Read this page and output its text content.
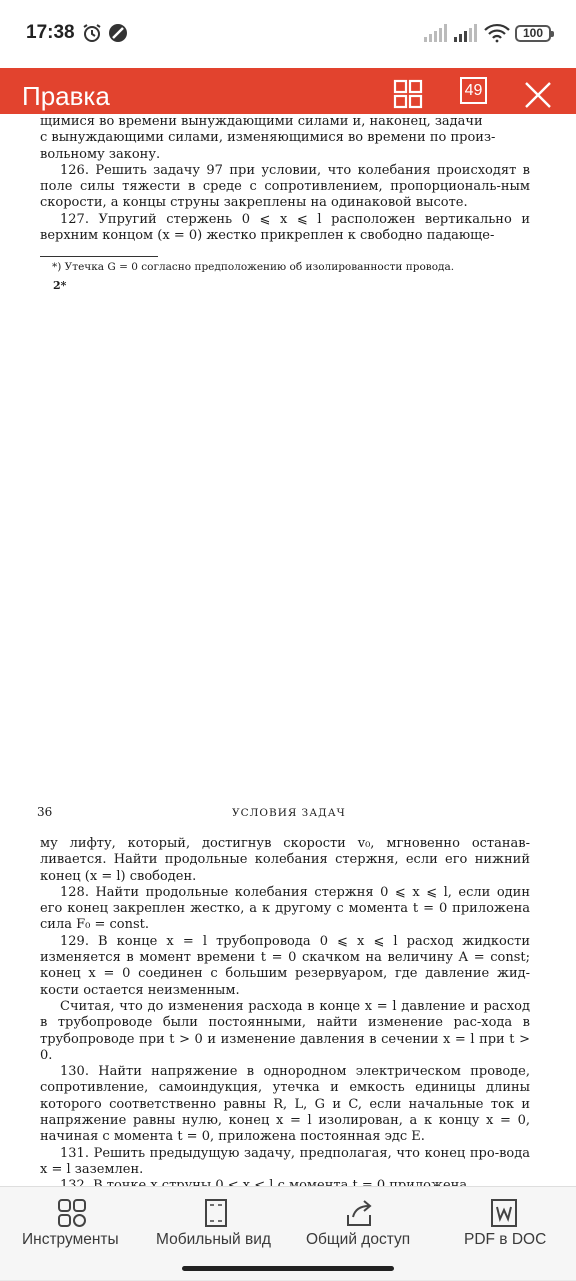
17:38	100
Правка	49

щимися во времени вынуждающими силами и, наконец, задачи

с вынуждающими силами, изменяющимися во времени по произ-

вольному закону.

126. Решить задачу 97 при условии, что колебания происходят в поле силы тяжести в среде с сопротивлением, пропорциональ-ным скорости, а концы струны закреплены на одинаковой высоте.

127. Упругий стержень 0 ⩽ x ⩽ l расположен вертикально и верхним концом (x = 0) жестко прикреплен к свободно падающе-

*) Утечка G = 0 согласно предположению об изолированности провода.
2*
36	УСЛОВИЯ ЗАДАЧ

му лифту, который, достигнув скорости v₀, мгновенно останав-ливается. Найти продольные колебания стержня, если его нижний конец (x = l) свободен.

128. Найти продольные колебания стержня 0 ⩽ x ⩽ l, если один его конец закреплен жестко, а к другому с момента t = 0 приложена сила F₀ = const.

129. В конце x = l трубопровода 0 ⩽ x ⩽ l расход жидкости изменяется в момент времени t = 0 скачком на величину A = const; конец x = 0 соединен с большим резервуаром, где давление жид-кости остается неизменным.

Считая, что до изменения расхода в конце x = l давление и расход в трубопроводе были постоянными, найти изменение рас-хода в трубопроводе при t > 0 и изменение давления в сечении x = l при t > 0.

130. Найти напряжение в однородном электрическом проводе, сопротивление, самоиндукция, утечка и емкость единицы длины которого соответственно равны R, L, G и C, если начальные ток и напряжение равны нулю, конец x = l изолирован, а к концу x = 0, начиная с момента t = 0, приложена постоянная эдс E.

131. Решить предыдущую задачу, предполагая, что конец про-вода x = l заземлен.

Инструменты Мобильный вид Общий доступ	PDF в DOC
